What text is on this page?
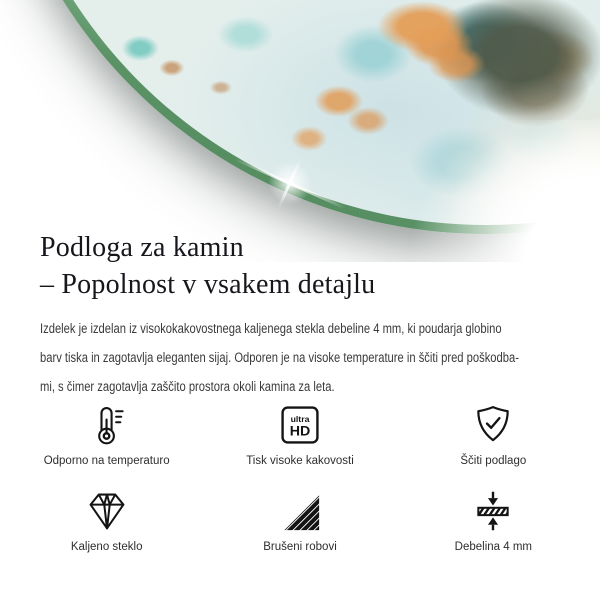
Podloga za kamin
– Popolnost v vsakem detajlu

Izdelek je izdelan iz visokokakovostnega kaljenega stekla debeline 4 mm, ki poudarja globino
barv tiska in zagotavlja eleganten sijaj. Odporen je na visoke temperature in ščiti pred poškodba-
mi, s čimer zagotavlja zaščito prostora okoli kamina za leta.

Odporno na temperaturo
ultra
HD
Tisk visoke kakovosti	Ščiti podlago
Kaljeno steklo	Brušeni robovi	Debelina 4 mm
